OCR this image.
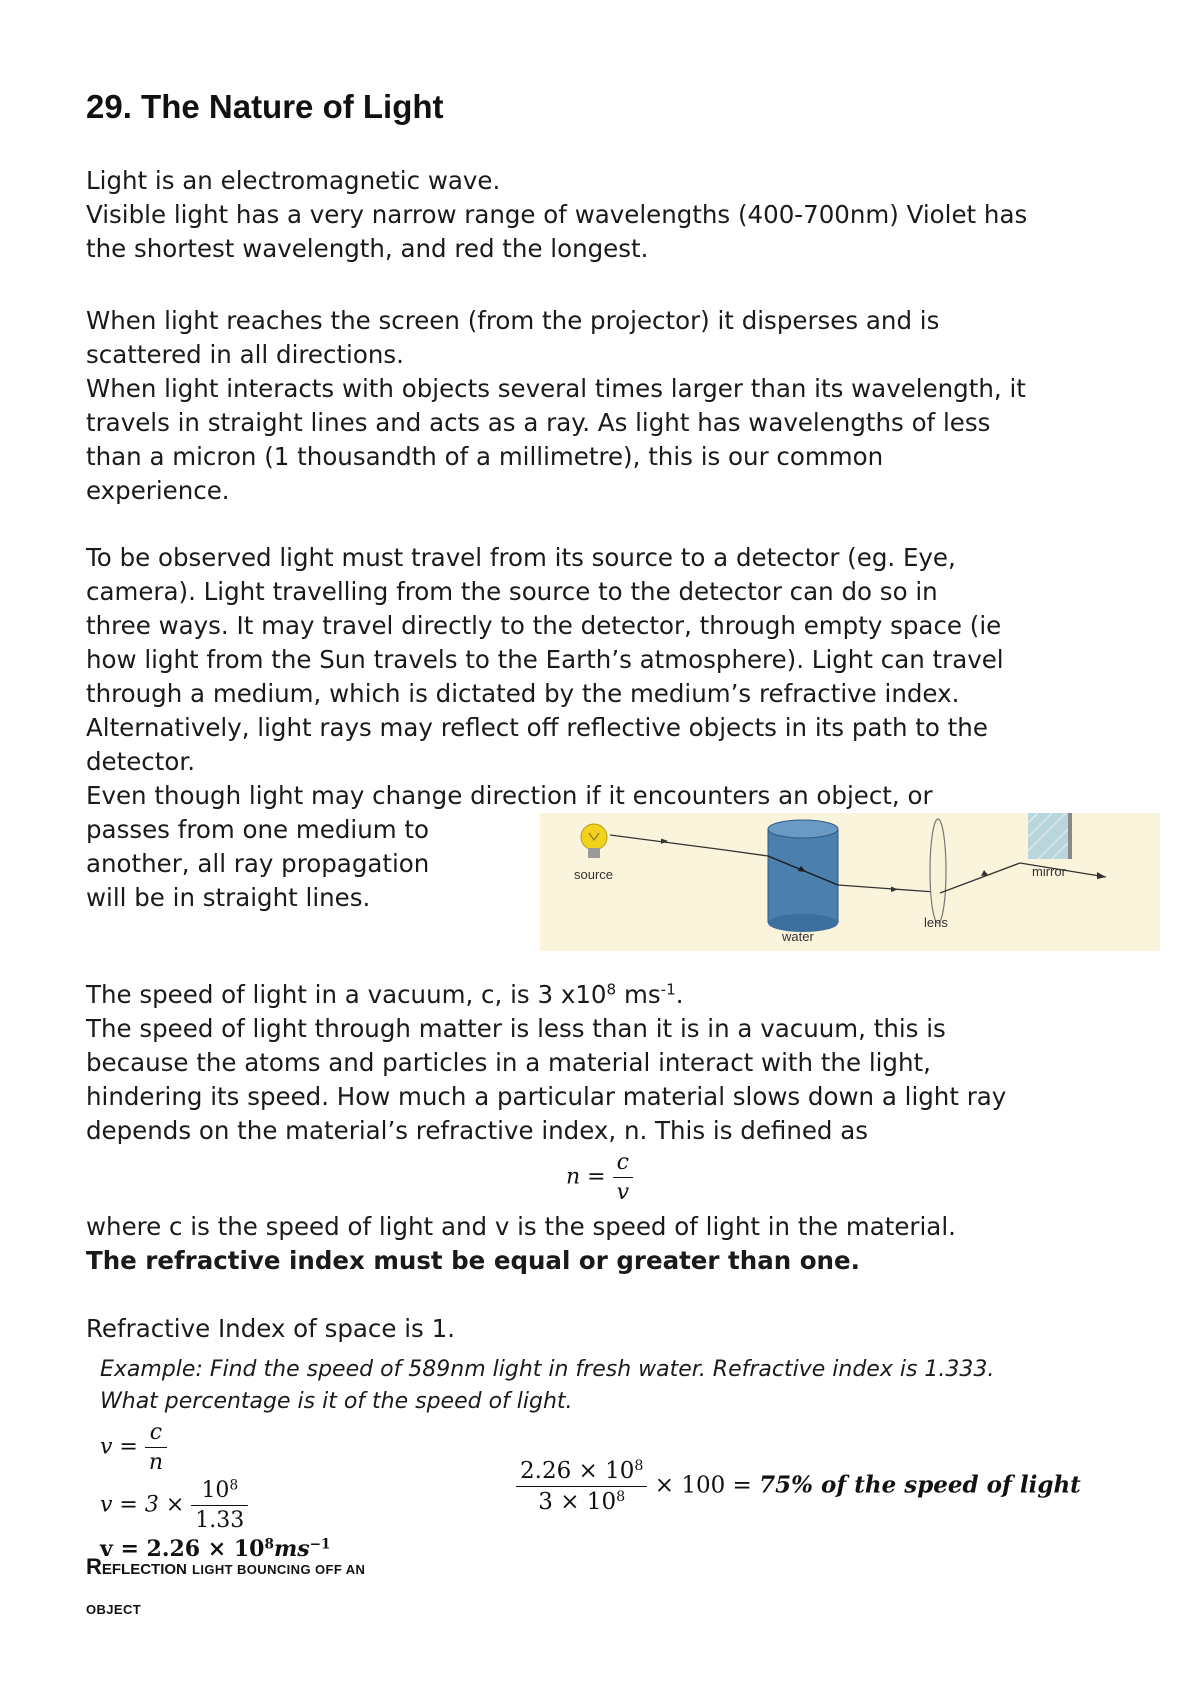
29. The Nature of Light
Light is an electromagnetic wave.
Visible light has a very narrow range of wavelengths (400-700nm) Violet has
the shortest wavelength, and red the longest.
When light reaches the screen (from the projector) it disperses and is
scattered in all directions.
When light interacts with objects several times larger than its wavelength, it
travels in straight lines and acts as a ray. As light has wavelengths of less
than a micron (1 thousandth of a millimetre), this is our common
experience.
To be observed light must travel from its source to a detector (eg. Eye,
camera). Light travelling from the source to the detector can do so in
three ways. It may travel directly to the detector, through empty space (ie
how light from the Sun travels to the Earth’s atmosphere). Light can travel
through a medium, which is dictated by the medium’s refractive index.
Alternatively, light rays may reflect off reflective objects in its path to the
detector.
Even though light may change direction if it encounters an object, or
passes from one medium to
another, all ray propagation
will be in straight lines.
source
water
lens
mirror
The speed of light in a vacuum, c, is 3 $x10^8$ $ms^{-1}$.
The speed of light through matter is less than it is in a vacuum, this is
because the atoms and particles in a material interact with the light,
hindering its speed. How much a particular material slows down a light ray
depends on the material’s refractive index, n. This is defined as
$n = \frac{c}{v}$
where c is the speed of light and v is the speed of light in the material.
The refractive index must be equal or greater than one.
Refractive Index of space is 1.
Example: Find the speed of 589nm light in fresh water. Refractive index is 1.333.
What percentage is it of the speed of light.
$v = \frac{c}{n}$
$v = 3 \times \frac{10^8}{1.33}$
$v = 2.26 \times 10^8ms^{-1}$
$\frac{2.26 \times 10^8}{3 \times 10^8} \times 100 = 75\%$ of the speed of light
Reflection LIGHT BOUNCING OFF AN
OBJECT
